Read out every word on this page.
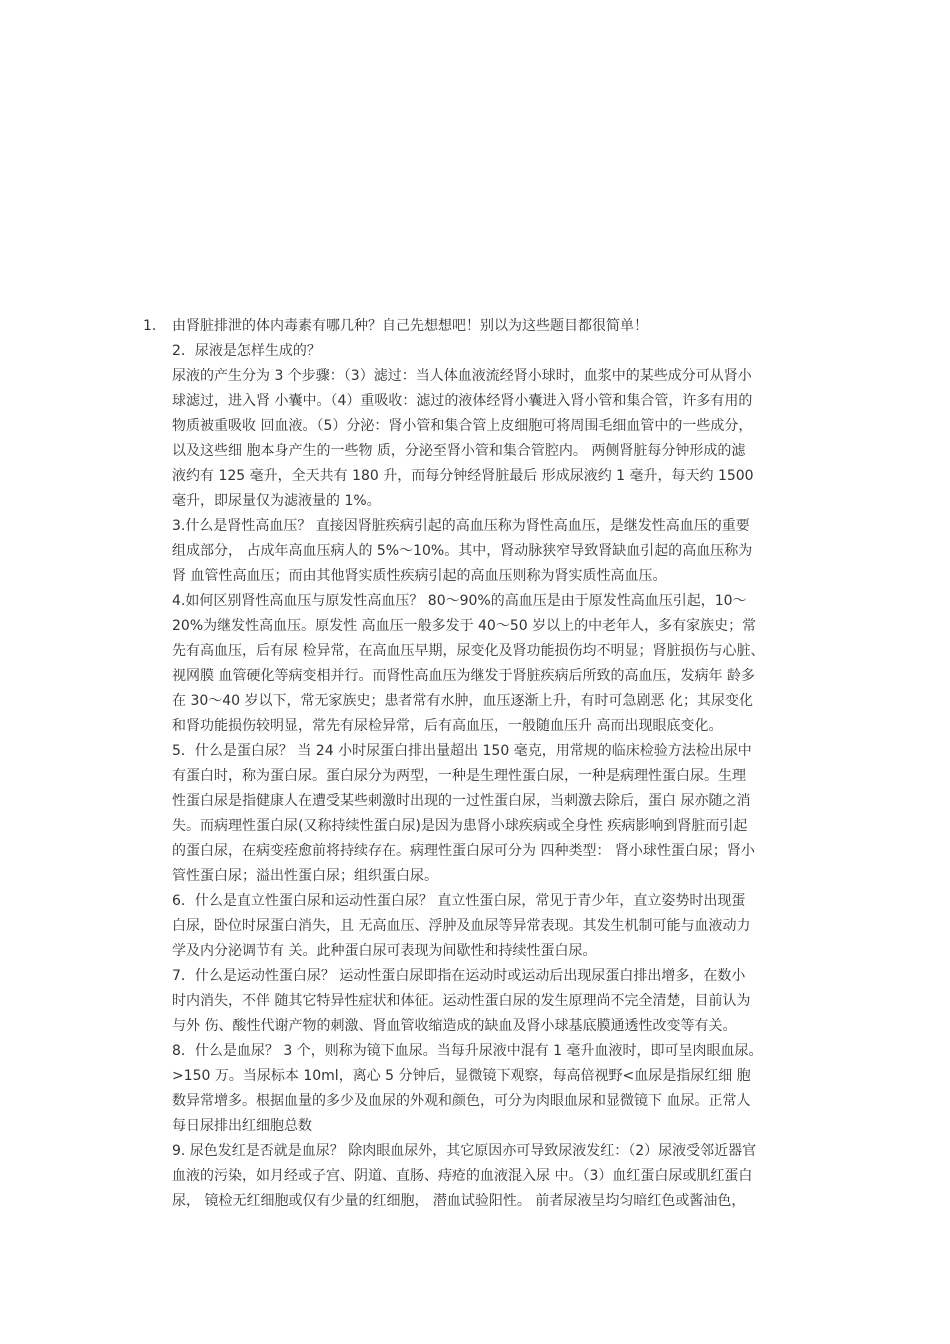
1.	由肾脏排泄的体内毒素有哪几种？自己先想想吧！别以为这些题目都很简单！
2．尿液是怎样生成的？
尿液的产生分为 3 个步骤：（3）滤过：当人体血液流经肾小球时，血浆中的某些成分可从肾小
球滤过，进入肾 小囊中。（4）重吸收：滤过的液体经肾小囊进入肾小管和集合管，许多有用的
物质被重吸收 回血液。（5）分泌：肾小管和集合管上皮细胞可将周围毛细血管中的一些成分，
以及这些细 胞本身产生的一些物 质，分泌至肾小管和集合管腔内。 两侧肾脏每分钟形成的滤
液约有 125 毫升，全天共有 180 升，而每分钟经肾脏最后 形成尿液约 1 毫升，每天约 1500
毫升，即尿量仅为滤液量的 1%。
3.什么是肾性高血压？ 直接因肾脏疾病引起的高血压称为肾性高血压，是继发性高血压的重要
组成部分， 占成年高血压病人的 5%～10%。其中，肾动脉狭窄导致肾缺血引起的高血压称为
肾 血管性高血压；而由其他肾实质性疾病引起的高血压则称为肾实质性高血压。
4.如何区别肾性高血压与原发性高血压？ 80～90%的高血压是由于原发性高血压引起，10～
20%为继发性高血压。原发性 高血压一般多发于 40～50 岁以上的中老年人，多有家族史；常
先有高血压，后有尿 检异常，在高血压早期，尿变化及肾功能损伤均不明显；肾脏损伤与心脏、
视网膜 血管硬化等病变相并行。而肾性高血压为继发于肾脏疾病后所致的高血压，发病年 龄多
在 30～40 岁以下，常无家族史；患者常有水肿，血压逐渐上升，有时可急剧恶 化；其尿变化
和肾功能损伤较明显，常先有尿检异常，后有高血压，一般随血压升 高而出现眼底变化。
5．什么是蛋白尿？ 当 24 小时尿蛋白排出量超出 150 毫克，用常规的临床检验方法检出尿中
有蛋白时，称为蛋白尿。蛋白尿分为两型，一种是生理性蛋白尿，一种是病理性蛋白尿。生理
性蛋白尿是指健康人在遭受某些刺激时出现的一过性蛋白尿，当刺激去除后，蛋白 尿亦随之消
失。而病理性蛋白尿(又称持续性蛋白尿)是因为患肾小球疾病或全身性 疾病影响到肾脏而引起
的蛋白尿，在病变痊愈前将持续存在。病理性蛋白尿可分为 四种类型： 肾小球性蛋白尿；肾小
管性蛋白尿；溢出性蛋白尿；组织蛋白尿。
6．什么是直立性蛋白尿和运动性蛋白尿？ 直立性蛋白尿，常见于青少年，直立姿势时出现蛋
白尿，卧位时尿蛋白消失，且 无高血压、浮肿及血尿等异常表现。其发生机制可能与血液动力
学及内分泌调节有 关。此种蛋白尿可表现为间歇性和持续性蛋白尿。
7．什么是运动性蛋白尿？ 运动性蛋白尿即指在运动时或运动后出现尿蛋白排出增多，在数小
时内消失，不伴 随其它特异性症状和体征。运动性蛋白尿的发生原理尚不完全清楚，目前认为
与外 伤、酸性代谢产物的刺激、肾血管收缩造成的缺血及肾小球基底膜通透性改变等有关。
8．什么是血尿？ 3 个，则称为镜下血尿。当每升尿液中混有 1 毫升血液时，即可呈肉眼血尿。
>150 万。当尿标本 10ml，离心 5 分钟后，显微镜下观察，每高倍视野<血尿是指尿红细 胞
数异常增多。根据血量的多少及血尿的外观和颜色，可分为肉眼血尿和显微镜下 血尿。正常人
每日尿排出红细胞总数
9. 尿色发红是否就是血尿？ 除肉眼血尿外，其它原因亦可导致尿液发红：（2）尿液受邻近器官
血液的污染，如月经或子宫、阴道、直肠、痔疮的血液混入尿 中。（3）血红蛋白尿或肌红蛋白
尿， 镜检无红细胞或仅有少量的红细胞， 潜血试验阳性。 前者尿液呈均匀暗红色或酱油色，
